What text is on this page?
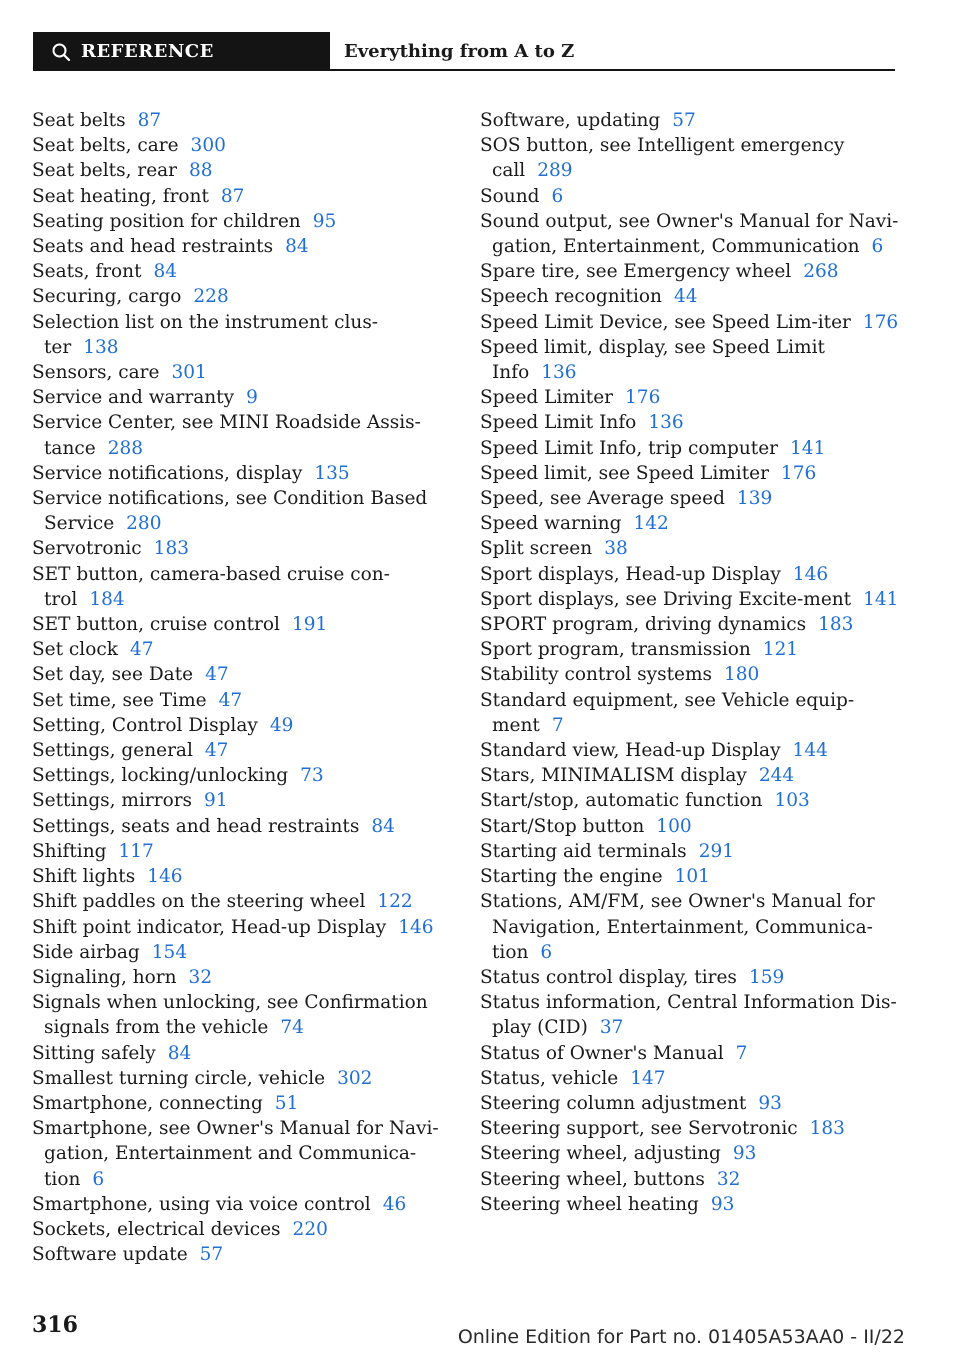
REFERENCE	Everything from A to Z
Seat belts 87
Seat belts, care 300
Seat belts, rear 88
Seat heating, front 87
Seating position for children 95
Seats and head restraints 84
Seats, front 84
Securing, cargo 228
Selection list on the instrument clus-ter 138
Sensors, care 301
Service and warranty 9
Service Center, see MINI Roadside Assis-tance 288
Service notifications, display 135
Service notifications, see Condition Based Service 280
Servotronic 183
SET button, camera-based cruise con-trol 184
SET button, cruise control 191
Set clock 47
Set day, see Date 47
Set time, see Time 47
Setting, Control Display 49
Settings, general 47
Settings, locking/unlocking 73
Settings, mirrors 91
Settings, seats and head restraints 84
Shifting 117
Shift lights 146
Shift paddles on the steering wheel 122
Shift point indicator, Head-up Display 146
Side airbag 154
Signaling, horn 32
Signals when unlocking, see Confirmation signals from the vehicle 74
Sitting safely 84
Smallest turning circle, vehicle 302
Smartphone, connecting 51
Smartphone, see Owner's Manual for Navi-gation, Entertainment and Communica-tion 6
Smartphone, using via voice control 46
Sockets, electrical devices 220
Software update 57
Software, updating 57
SOS button, see Intelligent emergency call 289
Sound 6
Sound output, see Owner's Manual for Navi-gation, Entertainment, Communication 6
Spare tire, see Emergency wheel 268
Speech recognition 44
Speed Limit Device, see Speed Lim-iter 176
Speed limit, display, see Speed Limit Info 136
Speed Limiter 176
Speed Limit Info 136
Speed Limit Info, trip computer 141
Speed limit, see Speed Limiter 176
Speed, see Average speed 139
Speed warning 142
Split screen 38
Sport displays, Head-up Display 146
Sport displays, see Driving Excite-ment 141
SPORT program, driving dynamics 183
Sport program, transmission 121
Stability control systems 180
Standard equipment, see Vehicle equip-ment 7
Standard view, Head-up Display 144
Stars, MINIMALISM display 244
Start/stop, automatic function 103
Start/Stop button 100
Starting aid terminals 291
Starting the engine 101
Stations, AM/FM, see Owner's Manual for Navigation, Entertainment, Communica-tion 6
Status control display, tires 159
Status information, Central Information Dis-play (CID) 37
Status of Owner's Manual 7
Status, vehicle 147
Steering column adjustment 93
Steering support, see Servotronic 183
Steering wheel, adjusting 93
Steering wheel, buttons 32
Steering wheel heating 93
316	Online Edition for Part no. 01405A53AA0 - II/22
